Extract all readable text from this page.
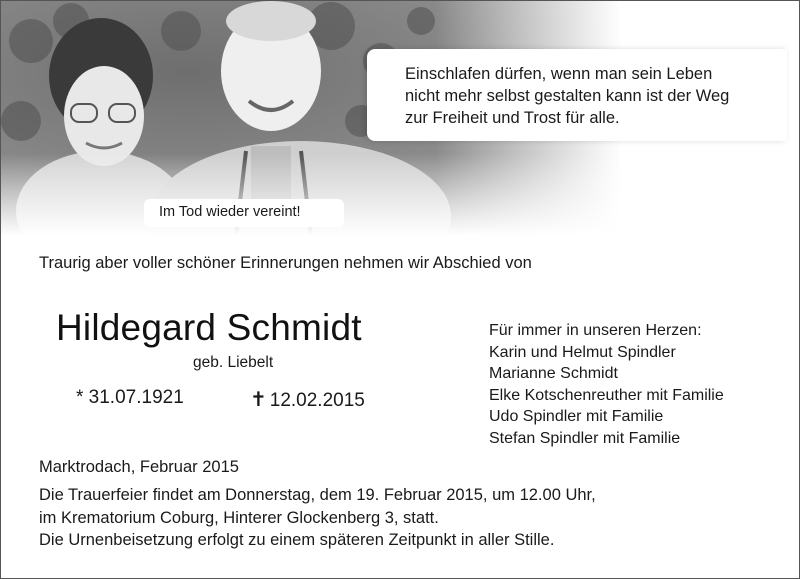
Einschlafen dürfen, wenn man sein Leben
nicht mehr selbst gestalten kann ist der Weg
zur Freiheit und Trost für alle.
Im Tod wieder vereint!
Traurig aber voller schöner Erinnerungen nehmen wir Abschied von
Hildegard Schmidt
geb. Liebelt
* 31.07.1921	✝ 12.02.2015
Für immer in unseren Herzen:
Karin und Helmut Spindler
Marianne Schmidt
Elke Kotschenreuther mit Familie
Udo Spindler mit Familie
Stefan Spindler mit Familie
Marktrodach, Februar 2015
Die Trauerfeier findet am Donnerstag, dem 19. Februar 2015, um 12.00 Uhr,
im Krematorium Coburg, Hinterer Glockenberg 3, statt.
Die Urnenbeisetzung erfolgt zu einem späteren Zeitpunkt in aller Stille.
